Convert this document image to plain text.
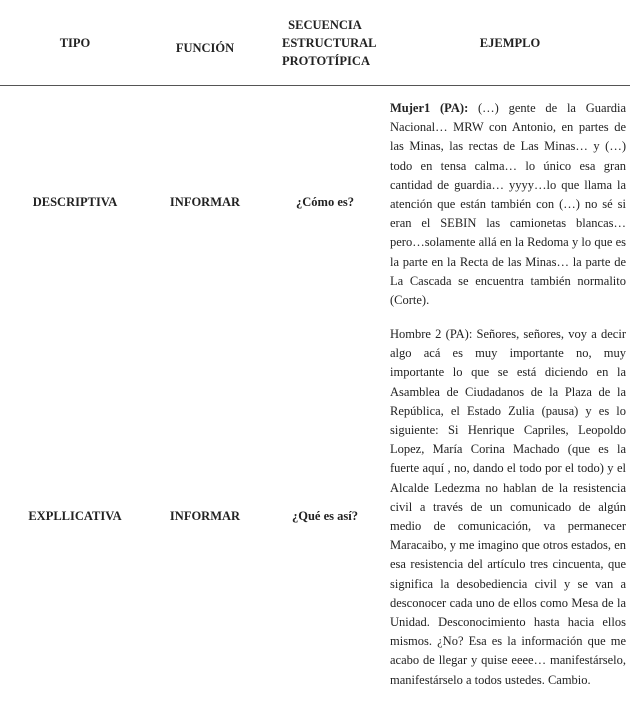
TIPO	FUNCIÓN	SECUENCIA ESTRUCTURAL PROTOTÍPICA	EJEMPLO
DESCRIPTIVA	INFORMAR	¿Cómo es?	Mujer1 (PA): (…) gente de la Guardia Nacional… MRW con Antonio, en partes de las Minas, las rectas de Las Minas… y (…) todo en tensa calma… lo único esa gran cantidad de guardia… yyyy…lo que llama la atención que están también con (…) no sé si eran el SEBIN las camionetas blancas… pero…solamente allá en la Redoma y lo que es la parte en la Recta de las Minas… la parte de La Cascada se encuentra también normalito (Corte).
EXPLLICATIVA	INFORMAR	¿Qué es así?	Hombre 2 (PA): Señores, señores, voy a decir algo acá es muy importante no, muy importante lo que se está diciendo en la Asamblea de Ciudadanos de la Plaza de la República, el Estado Zulia (pausa) y es lo siguiente: Si Henrique Capriles, Leopoldo Lopez, María Corina Machado (que es la fuerte aquí , no, dando el todo por el todo) y el Alcalde Ledezma no hablan de la resistencia civil a través de un comunicado de algún medio de comunicación, va permanecer Maracaibo, y me imagino que otros estados, en esa resistencia del artículo tres cincuenta, que significa la desobediencia civil y se van a desconocer cada uno de ellos como Mesa de la Unidad. Desconocimiento hasta hacia ellos mismos. ¿No? Esa es la información que me acabo de llegar y quise eeee… manifestárselo, manifestárselo a todos ustedes. Cambio.
